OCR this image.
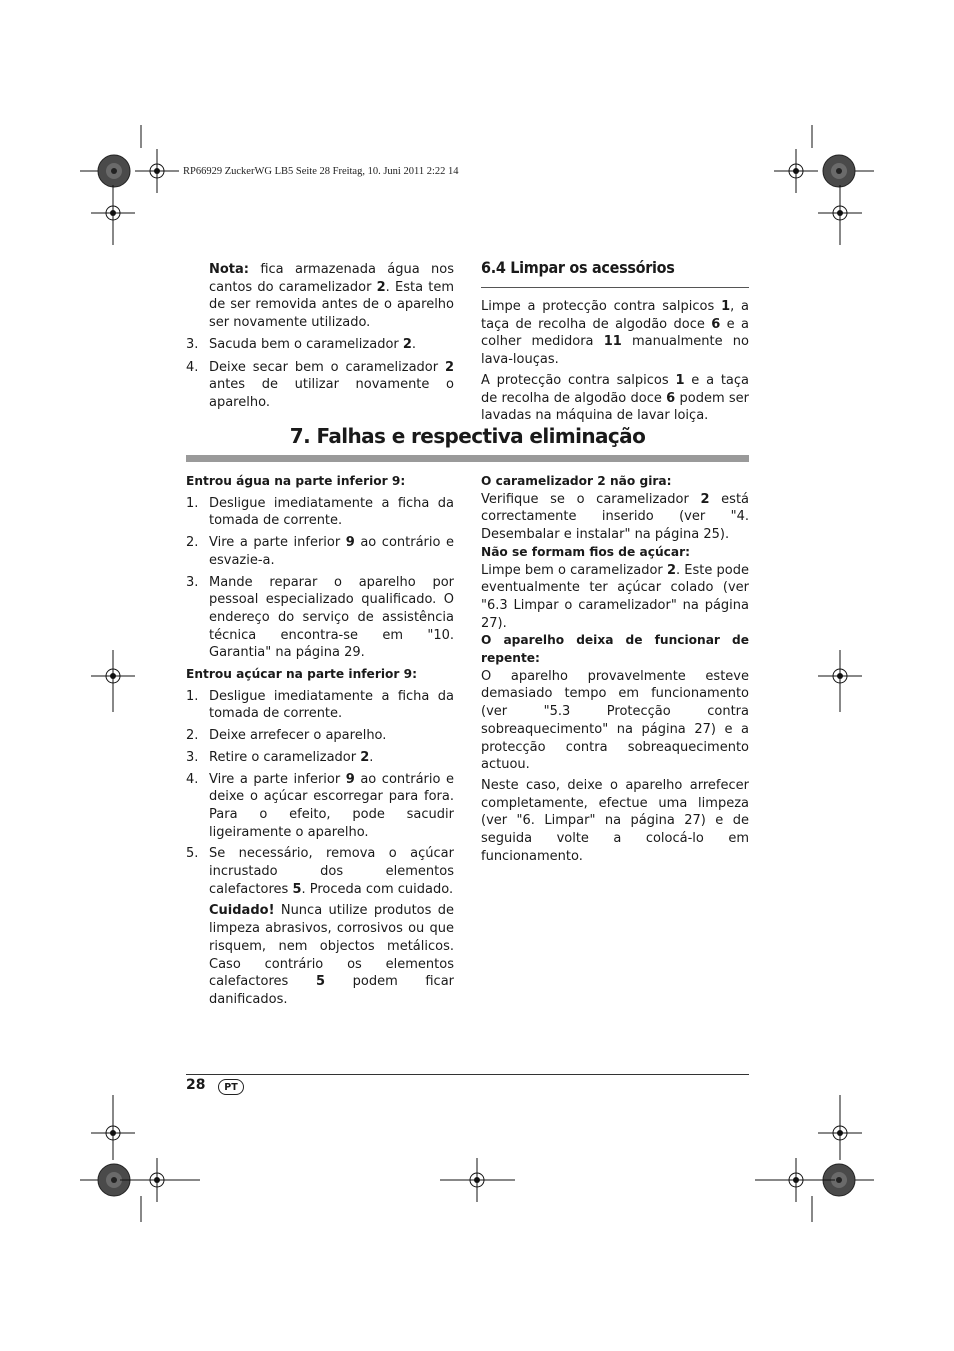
RP66929 ZuckerWG LB5 Seite 28 Freitag, 10. Juni 2011 2:22 14

Nota: fica armazenada água nos cantos do caramelizador 2. Esta tem de ser removida antes de o aparelho ser novamente utilizado.

3. Sacuda bem o caramelizador 2.
4. Deixe secar bem o caramelizador 2 antes de utilizar novamente o aparelho.
6.4 Limpar os acessórios

Limpe a protecção contra salpicos 1, a taça de recolha de algodão doce 6 e a colher medidora 11 manualmente no lava-louças.

A protecção contra salpicos 1 e a taça de recolha de algodão doce 6 podem ser lavadas na máquina de lavar loiça.

7. Falhas e respectiva eliminação

Entrou água na parte inferior 9:

1. Desligue imediatamente a ficha da tomada de corrente.
2. Vire a parte inferior 9 ao contrário e esvazie-a.
3. Mande reparar o aparelho por pessoal especializado qualificado. O endereço do serviço de assistência técnica encontra-se em "10. Garantia" na página 29.

Entrou açúcar na parte inferior 9:

1. Desligue imediatamente a ficha da tomada de corrente.
2. Deixe arrefecer o aparelho.
3. Retire o caramelizador 2.
4. Vire a parte inferior 9 ao contrário e deixe o açúcar escorregar para fora. Para o efeito, pode sacudir ligeiramente o aparelho.
5. Se necessário, remova o açúcar incrustado dos elementos calefactores 5. Proceda com cuidado.

Cuidado! Nunca utilize produtos de limpeza abrasivos, corrosivos ou que risquem, nem objectos metálicos. Caso contrário os elementos calefactores 5 podem ficar danificados.

O caramelizador 2 não gira:

Verifique se o caramelizador 2 está correctamente inserido (ver "4. Desembalar e instalar" na página 25).

Não se formam fios de açúcar:

Limpe bem o caramelizador 2. Este pode eventualmente ter açúcar colado (ver "6.3 Limpar o caramelizador" na página 27).

O aparelho deixa de funcionar de repente:

O aparelho provavelmente esteve demasiado tempo em funcionamento (ver "5.3 Protecção contra sobreaquecimento" na página 27) e a protecção contra sobreaquecimento actuou.

Neste caso, deixe o aparelho arrefecer completamente, efectue uma limpeza (ver "6. Limpar" na página 27) e de seguida volte a colocá-lo em funcionamento.

28	PT
